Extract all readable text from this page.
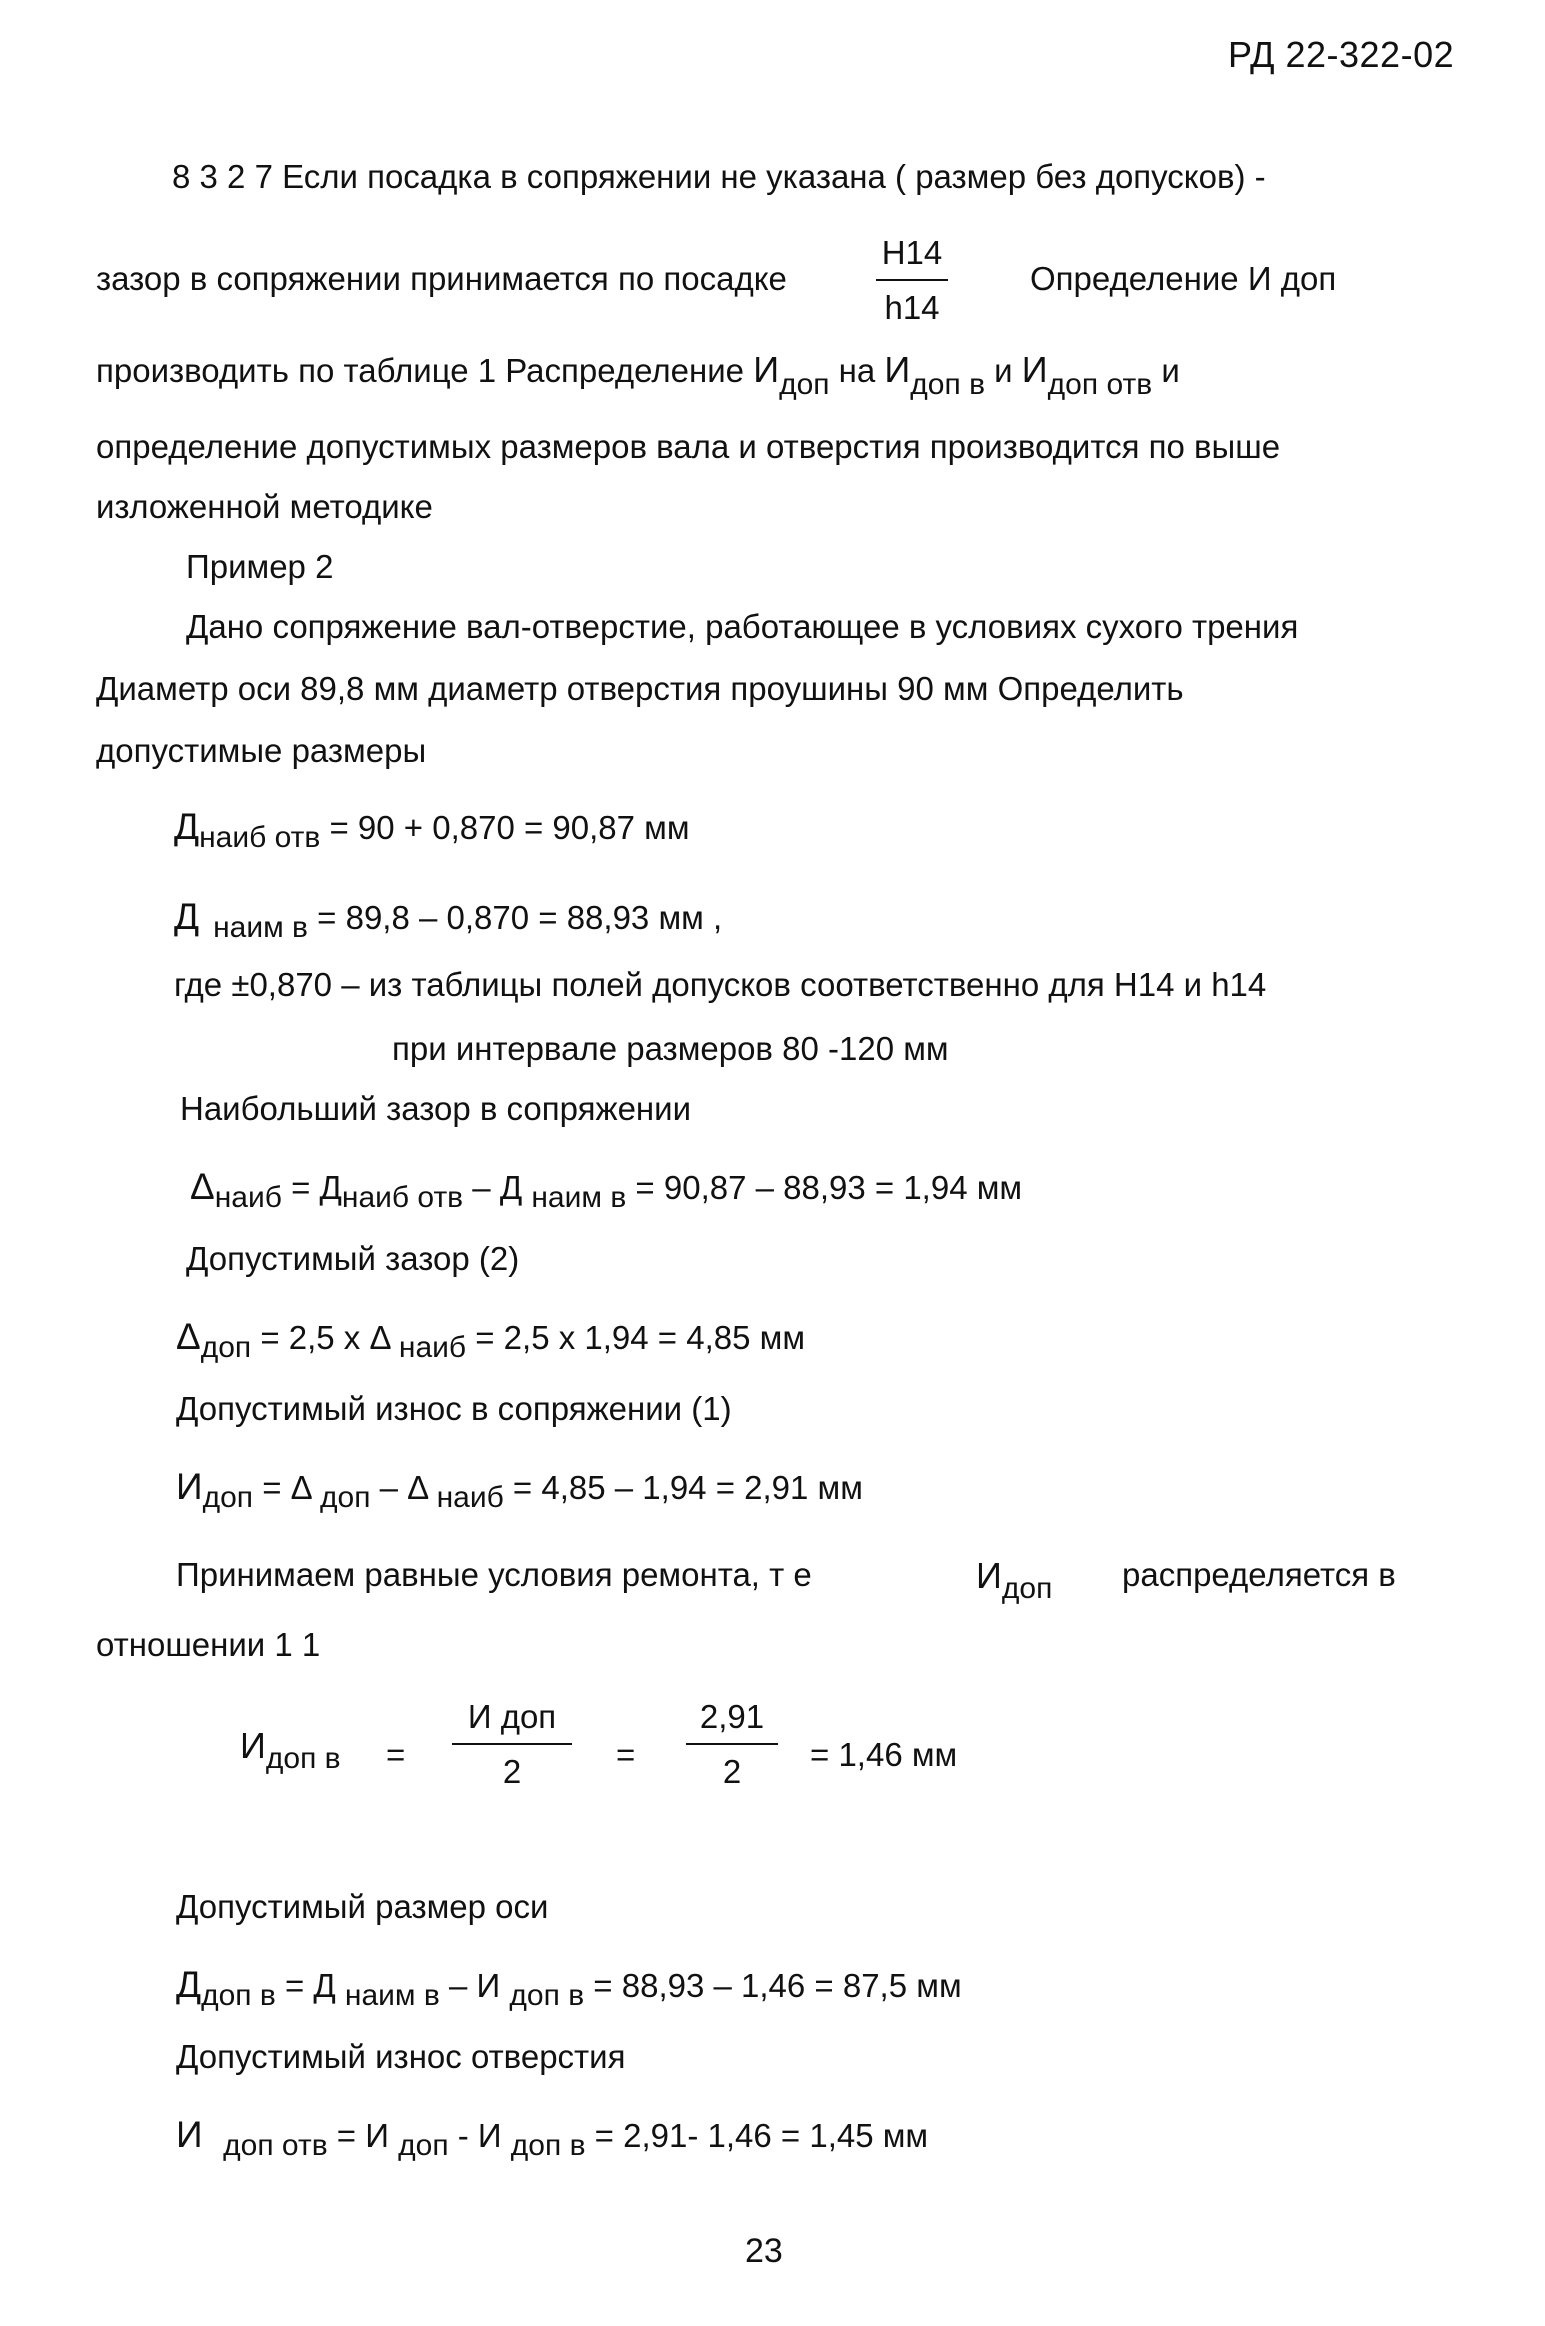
РД 22-322-02
8 3 2 7 Если посадка в сопряжении не указана ( размер без допусков) -
зазор в сопряжении принимается по посадке
H14
h14
Определение И доп
производить по таблице 1 Распределение Идоп на Идоп в и Идоп отв и
определение допустимых размеров вала и отверстия производится по выше
изложенной методике
Пример 2
Дано сопряжение вал-отверстие, работающее в условиях сухого трения
Диаметр оси 89,8 мм диаметр отверстия проушины 90 мм Определить
допустимые размеры
Днаиб отв = 90 + 0,870 = 90,87 мм
Д наим в = 89,8 – 0,870 = 88,93 мм ,
где ±0,870 – из таблицы полей допусков соответственно для Н14 и h14
при интервале размеров 80 -120 мм
Наибольший зазор в сопряжении
Δнаиб = Днаиб отв – Д наим в = 90,87 – 88,93 = 1,94 мм
Допустимый зазор (2)
Δдоп = 2,5 х Δ наиб = 2,5 х 1,94 = 4,85 мм
Допустимый износ в сопряжении (1)
Идоп = Δ доп – Δ наиб = 4,85 – 1,94 = 2,91 мм
Принимаем равные условия ремонта, т е	Идоп распределяется в
отношении 1 1
Идоп в =
И доп
2	=
2,91
2	= 1,46 мм
Допустимый размер оси
Ддоп в = Д наим в – И доп в = 88,93 – 1,46 = 87,5 мм
Допустимый износ отверстия
И  доп отв = И доп - И доп в = 2,91- 1,46 = 1,45 мм
23
